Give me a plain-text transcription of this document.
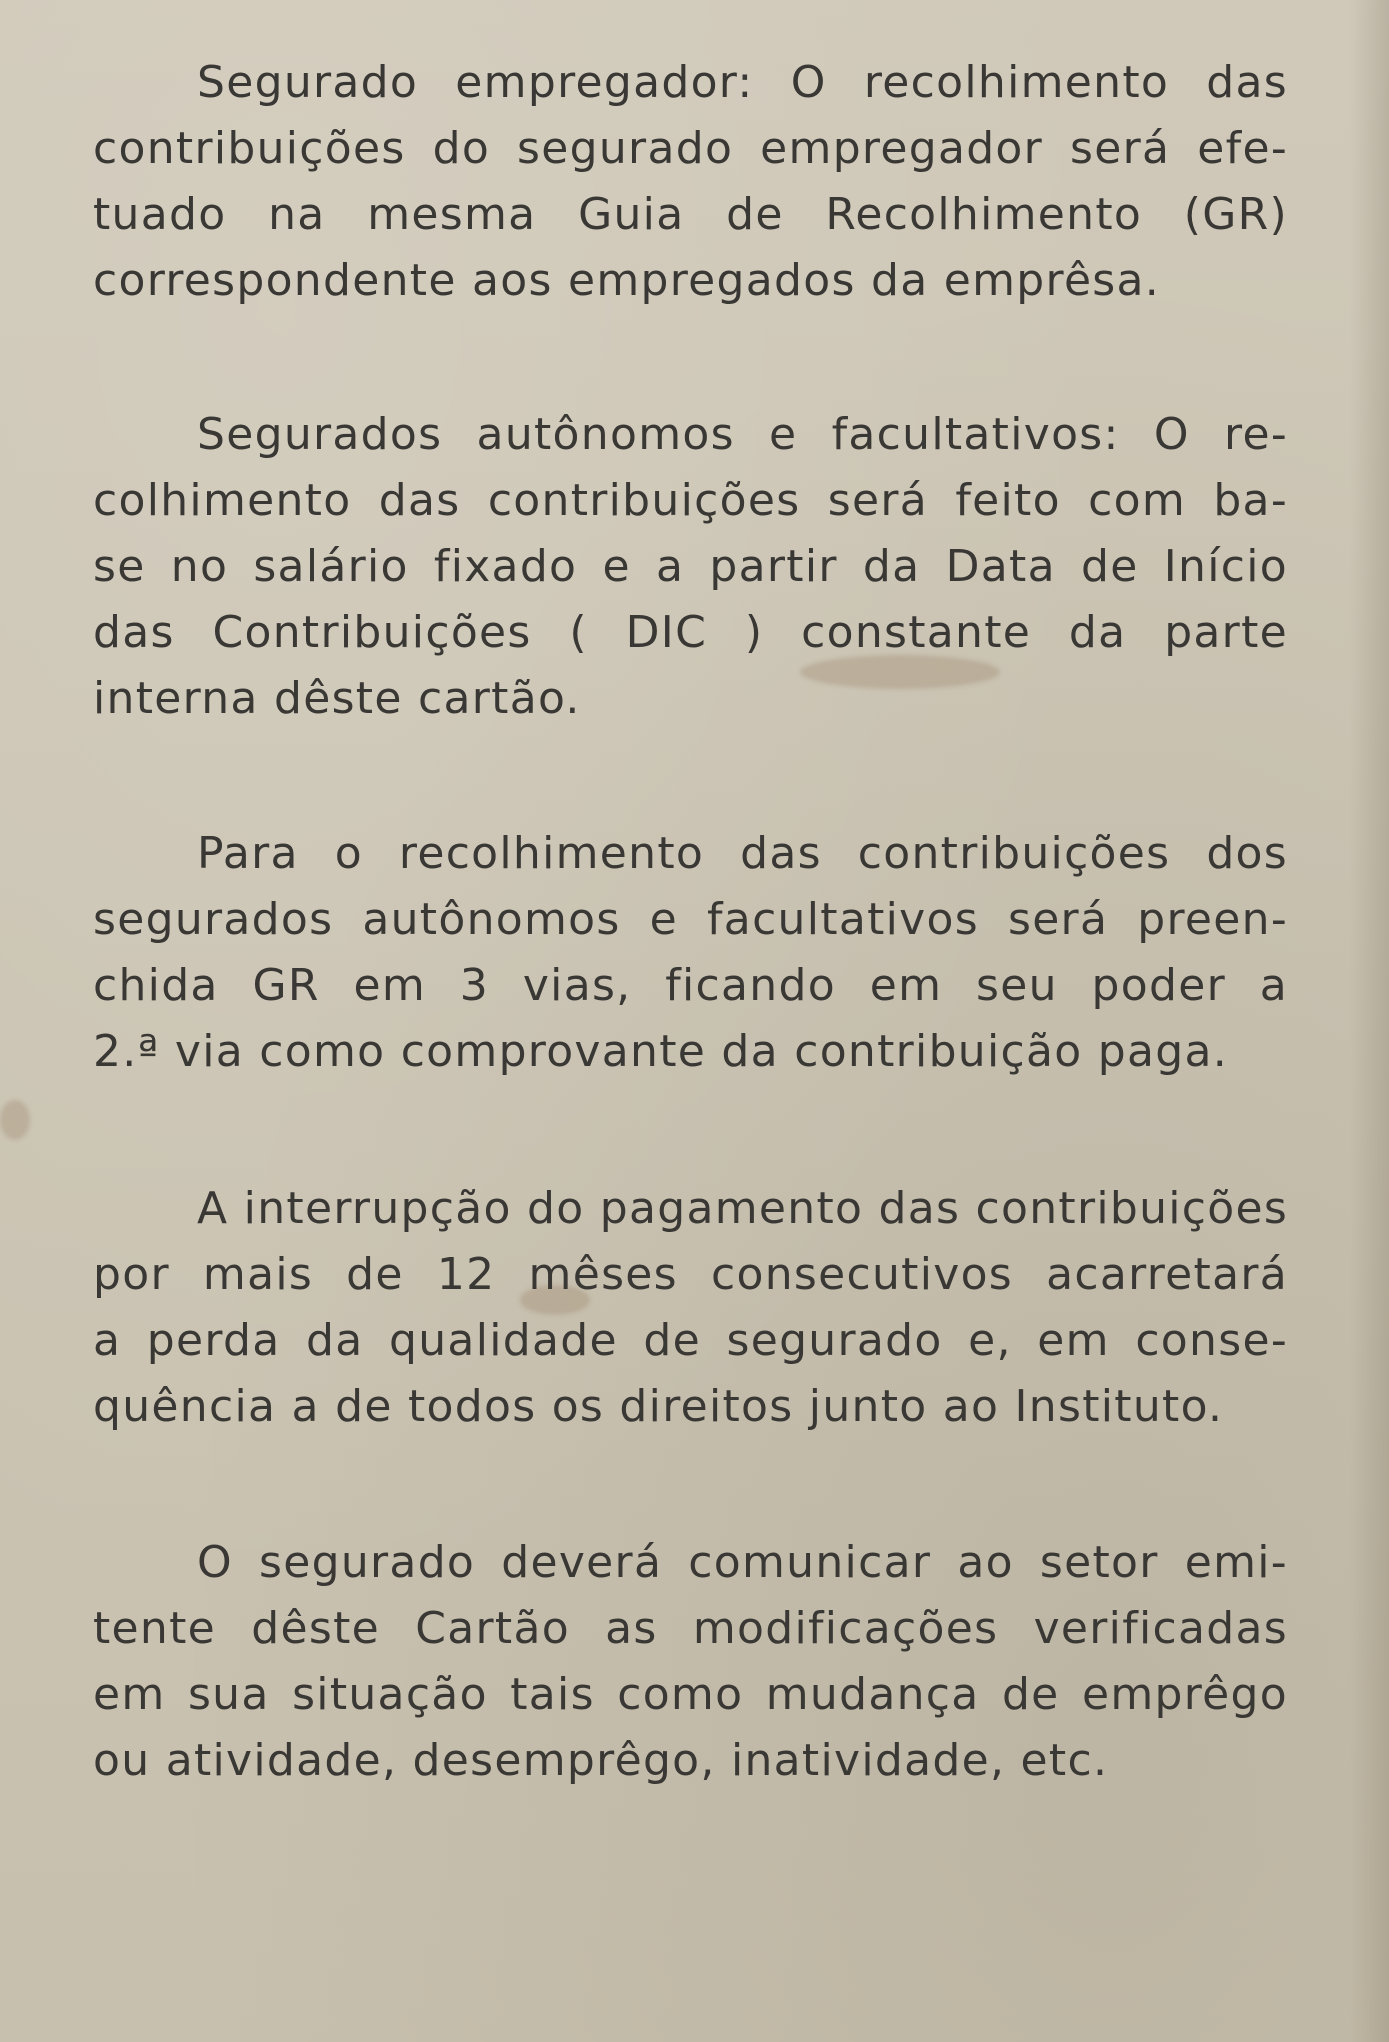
Segurado empregador: O recolhimento das
contribuições do segurado empregador será efe-
tuado na mesma Guia de Recolhimento (GR)
correspondente aos empregados da emprêsa.
Segurados autônomos e facultativos: O re-
colhimento das contribuições será feito com ba-
se no salário fixado e a partir da Data de Início
das Contribuições ( DIC ) constante da parte
interna dêste cartão.
Para o recolhimento das contribuições dos
segurados autônomos e facultativos será preen-
chida GR em 3 vias, ficando em seu poder a
2.ª via como comprovante da contribuição paga.
A interrupção do pagamento das contribuições
por mais de 12 mêses consecutivos acarretará
a perda da qualidade de segurado e, em conse-
quência a de todos os direitos junto ao Instituto.
O segurado deverá comunicar ao setor emi-
tente dêste Cartão as modificações verificadas
em sua situação tais como mudança de emprêgo
ou atividade, desemprêgo, inatividade, etc.
